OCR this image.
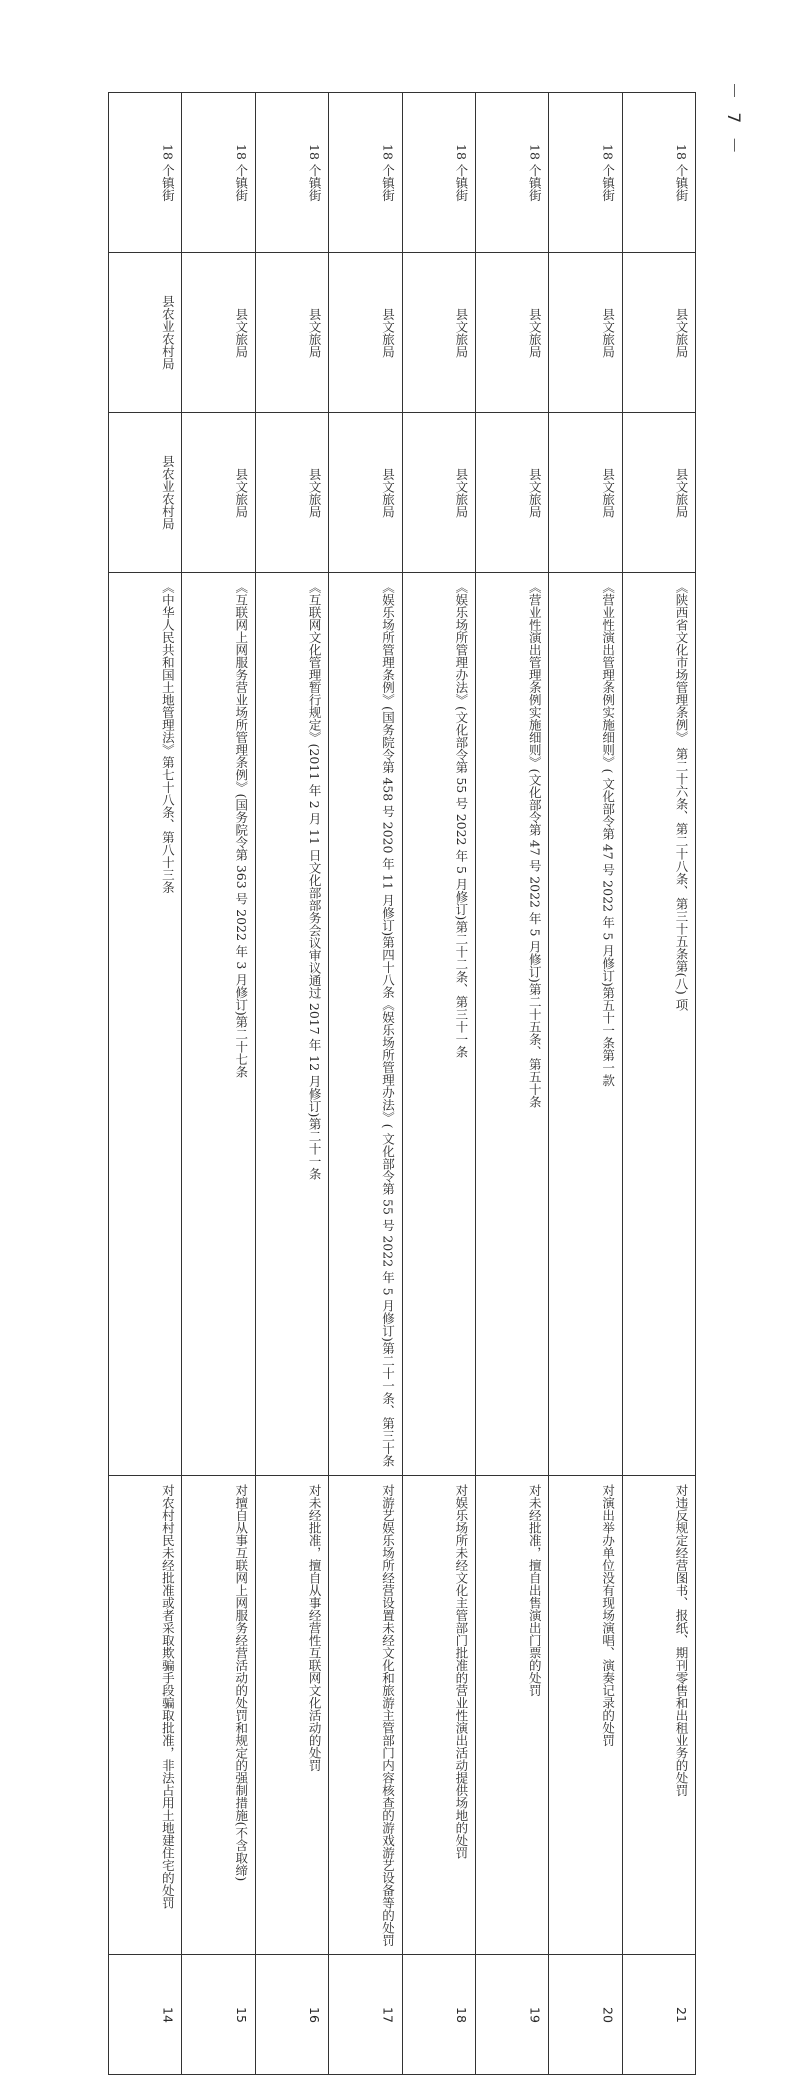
－ 7 －
18 个镇街	18 个镇街	18 个镇街	18 个镇街	18 个镇街	18 个镇街	18 个镇街	18 个镇街
县农业农村局	县文旅局	县文旅局	县文旅局	县文旅局	县文旅局	县文旅局	县文旅局
县农业农村局	县文旅局	县文旅局	县文旅局	县文旅局	县文旅局	县文旅局	县文旅局
《中华人民共和国土地管理法》第七十八条、第八十三条	《互联网上网服务营业场所管理条例》(国务院令第 363 号 2022 年 3 月修订)第二十七条	《互联网文化管理暂行规定》(2011 年 2 月 11 日文化部部务会议审议通过 2017 年 12 月修订)第二十一条	《娱乐场所管理条例》(国务院令第 458 号 2020 年 11 月修订)第四十八条《娱乐场所管理办法》( 文化部令第 55 号 2022 年 5 月修订)第二十一条、第三十条	《娱乐场所管理办法》(文化部令第 55 号 2022 年 5 月修订)第二十二条、第三十一条	《营业性演出管理条例实施细则》(文化部令第 47 号 2022 年 5 月修订)第二十五条、第五十条	《营业性演出管理条例实施细则》( 文化部令第 47 号 2022 年 5 月修订)第五十一条第一款	《陕西省文化市场管理条例》 第二十六条、第二十八条、第三十五条第(八) 项
对农村村民未经批准或者采取欺骗手段骗取批准，非法占用土地建住宅的处罚	对擅自从事互联网上网服务经营活动的处罚和规定的强制措施(不含取缔)	对未经批准，擅自从事经营性互联网文化活动的处罚	对游艺娱乐场所经营设置未经文化和旅游主管部门内容核查的游戏游艺设备等的处罚	对娱乐场所未经文化主管部门批准的营业性演出活动提供场地的处罚	对未经批准，擅自出售演出门票的处罚	对演出举办单位没有现场演唱、演奏记录的处罚	对违反规定经营图书、报纸、期刊零售和出租业务的处罚
14	15	16	17	18	19	20	21
